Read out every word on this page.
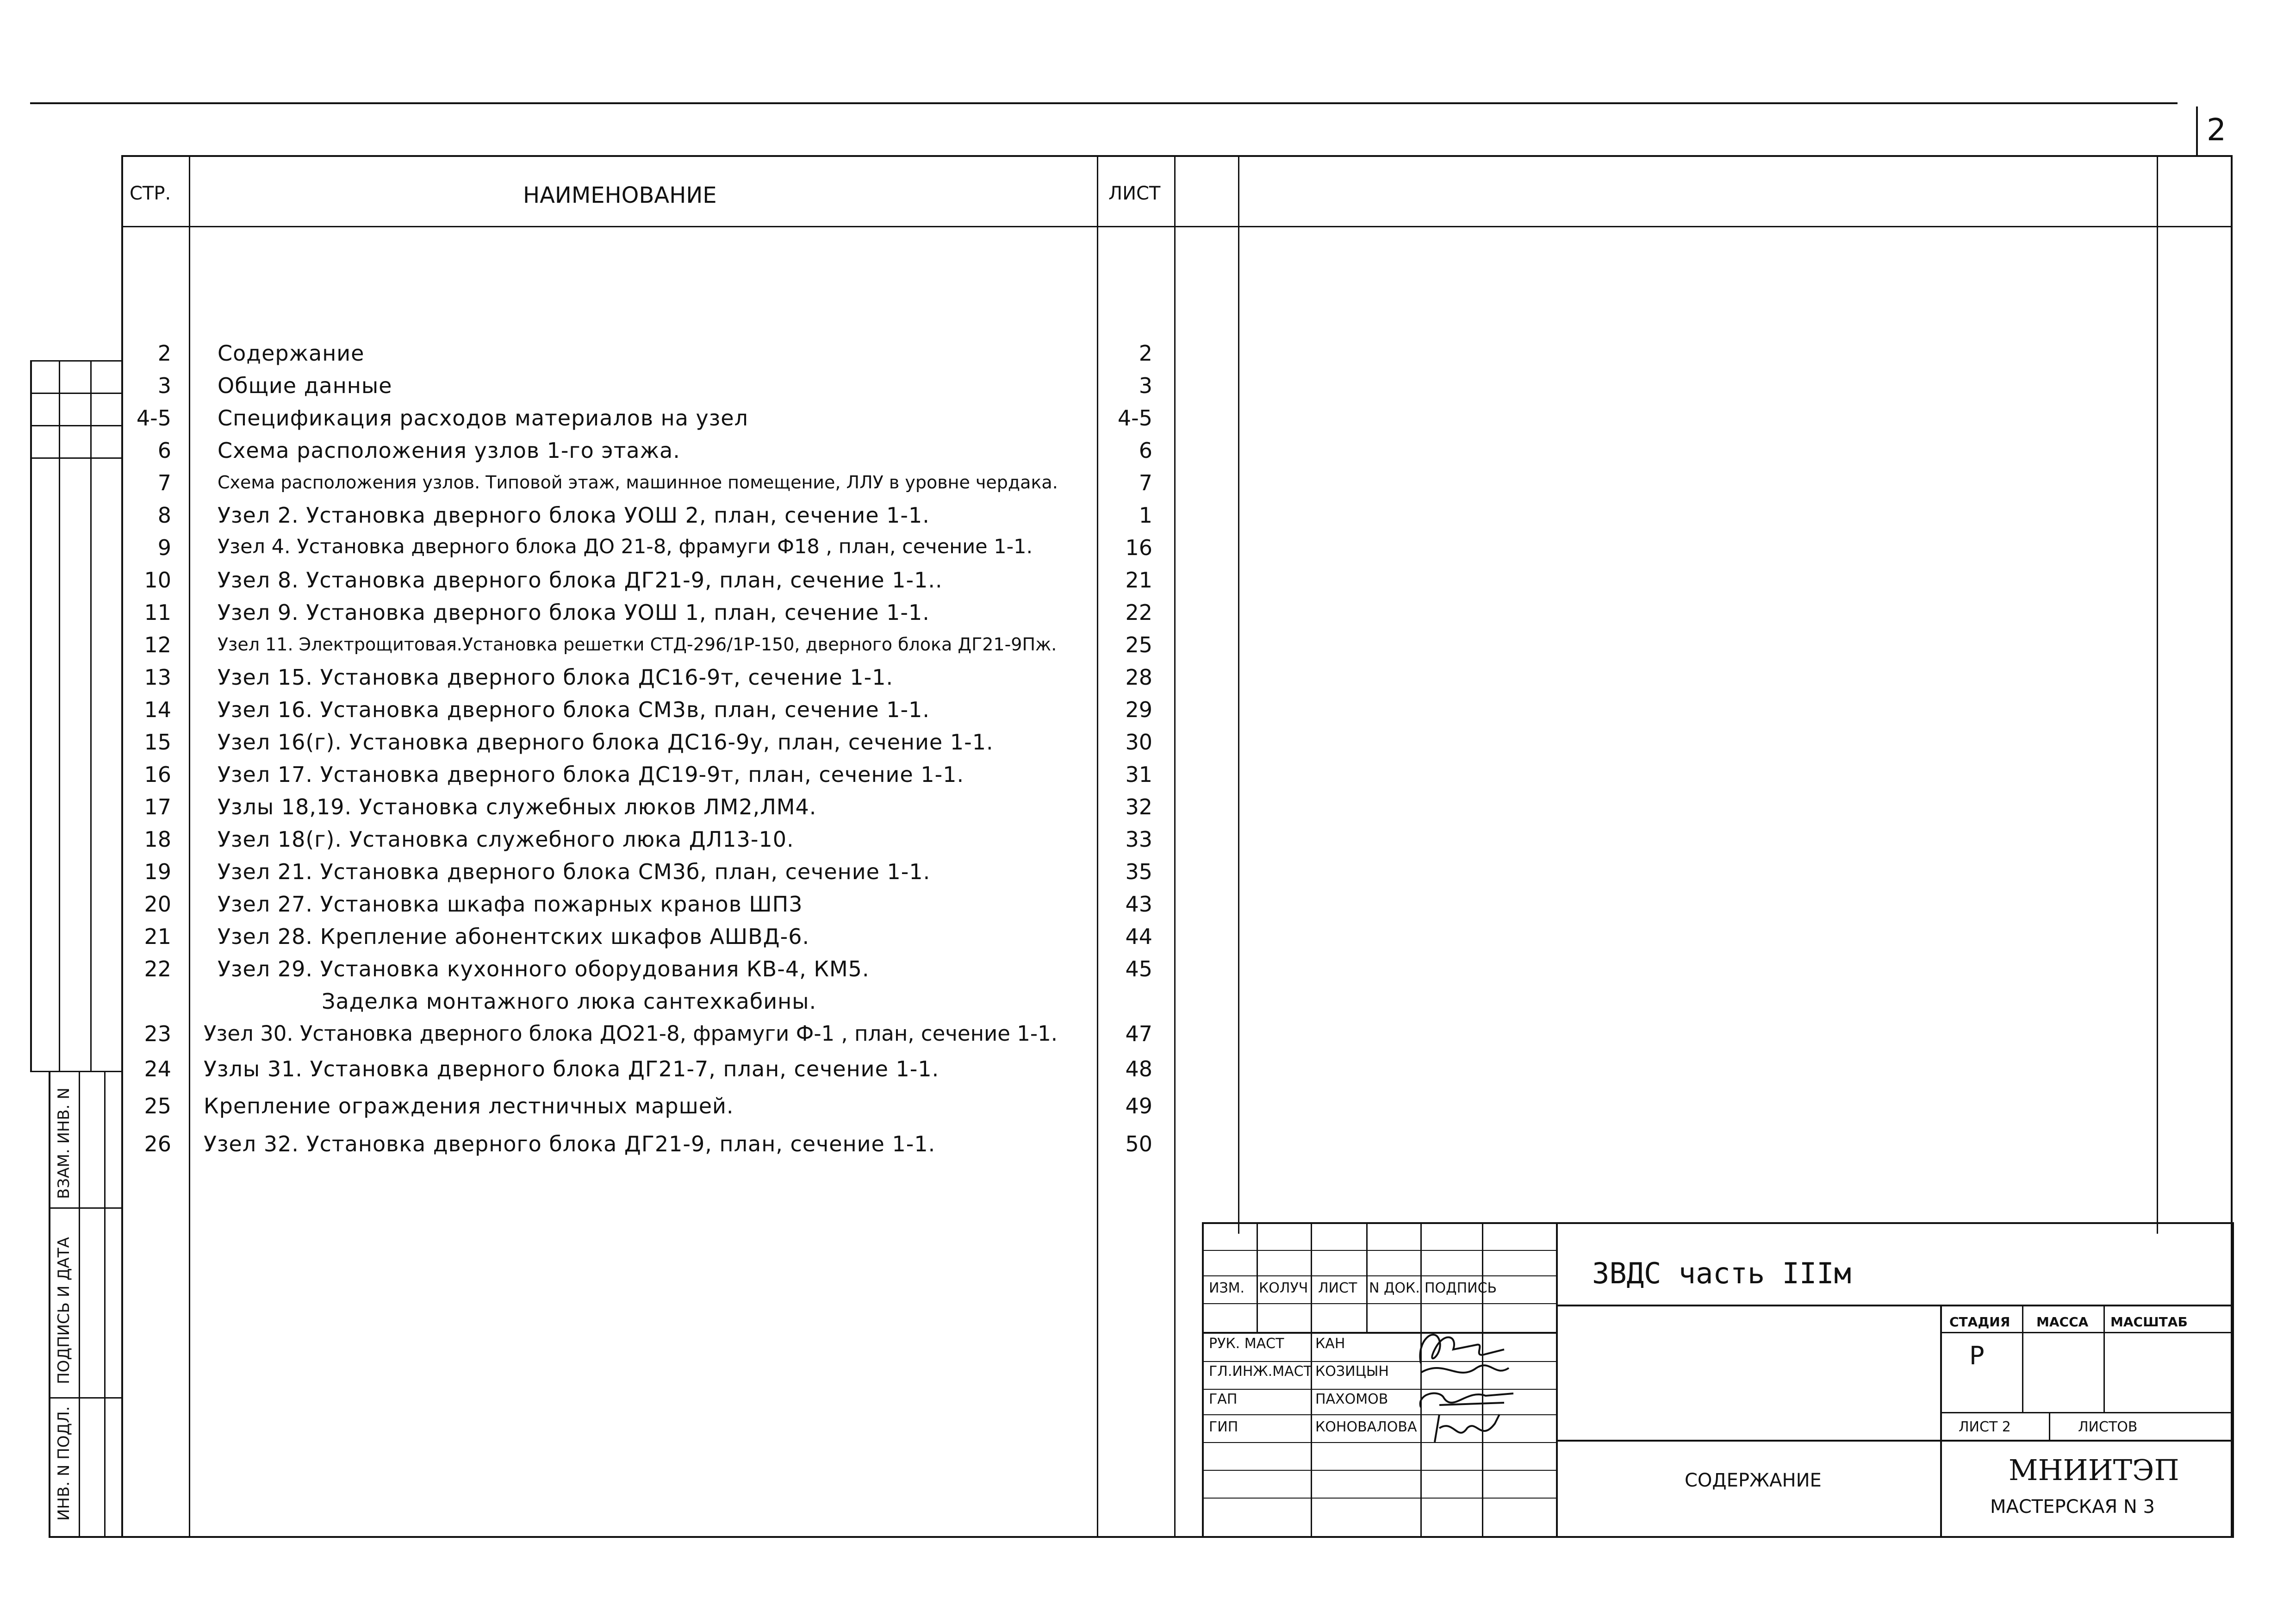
2
СТР.	НАИМЕНОВАНИЕ	ЛИСТ
2 Содержание	2
3 Общие данные	3
4-5 Спецификация расходов материалов на узел	4-5
6 Схема расположения узлов 1-го этажа.	6
7	Схема расположения узлов. Типовой этаж, машинное помещение, ЛЛУ в уровне чердака.	7
8 Узел 2. Установка дверного блока УОШ 2, план, сечение 1-1.	1
9 Узел 4. Установка дверного блока ДО 21-8, фрамуги Ф18 , план, сечение 1-1.	16
10 Узел 8. Установка дверного блока ДГ21-9, план, сечение 1-1..	21
11 Узел 9. Установка дверного блока УОШ 1, план, сечение 1-1.	22
12	Узел 11. Электрощитовая.Установка решетки СТД-296/1Р-150, дверного блока ДГ21-9Пж.	25
13 Узел 15. Установка дверного блока ДС16-9т, сечение 1-1.	28
14 Узел 16. Установка дверного блока СМ3в, план, сечение 1-1.	29
15 Узел 16(г). Установка дверного блока ДС16-9у, план, сечение 1-1.	30
16 Узел 17. Установка дверного блока ДС19-9т, план, сечение 1-1.	31
17 Узлы 18,19. Установка служебных люков ЛМ2,ЛМ4.	32
18 Узел 18(г). Установка служебного люка ДЛ13-10.	33
19 Узел 21. Установка дверного блока СМ3б, план, сечение 1-1.	35
20 Узел 27. Установка шкафа пожарных кранов ШП3	43
21 Узел 28. Крепление абонентских шкафов АШВД-6.	44
22 Узел 29. Установка кухонного оборудования КВ-4, КМ5.	45
Заделка монтажного люка сантехкабины.
23 Узел 30. Установка дверного блока ДО21-8, фрамуги Ф-1 , план, сечение 1-1.	47
24 Узлы 31. Установка дверного блока ДГ21-7, план, сечение 1-1.	48
25 Крепление ограждения лестничных маршей.	49
26 Узел 32. Установка дверного блока ДГ21-9, план, сечение 1-1.	50
ВЗАМ. ИНВ. N
ПОДПИСЬ И ДАТА
ИНВ. N ПОДЛ.
3ВДС часть IIIм
ИЗМ. КОЛУЧ ЛИСТ N ДОК. ПОДПИСЬ
РУК. МАСТ КАН
ГЛ.ИНЖ.МАСТ КОЗИЦЫН
ГАП	ПАХОМОВ
ГИП	КОНОВАЛОВА
СТАДИЯ МАССА МАСШТАБ
Р
ЛИСТ 2	ЛИСТОВ
СОДЕРЖАНИЕ	МНИИТЭП
МАСТЕРСКАЯ N 3
